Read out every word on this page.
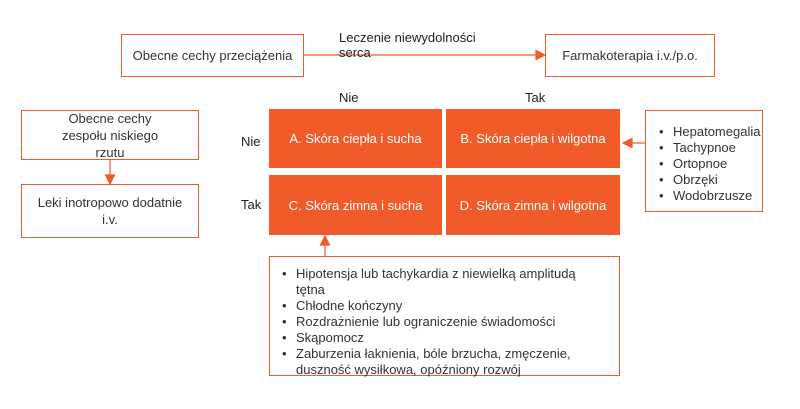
Obecne cechy przeciążenia
Leczenie niewydolności serca	Farmakoterapia i.v./p.o.
Obecne cechy zespołu niskiego rzutu
Leki inotropowo dodatnie i.v.
Nie	Tak
Nie
Tak
A. Skóra ciepła i sucha	B. Skóra ciepła i wilgotna
C. Skóra zimna i sucha	D. Skóra zimna i wilgotna
• Hepatomegalia
• Tachypnoe
• Ortopnoe
• Obrzęki
• Wodobrzusze
• Hipotensja lub tachykardia z niewielką amplitudą tętna
• Chłodne kończyny
• Rozdrażnienie lub ograniczenie świadomości
• Skąpomocz
• Zaburzenia łaknienia, bóle brzucha, zmęczenie, duszność wysiłkowa, opóźniony rozwój
